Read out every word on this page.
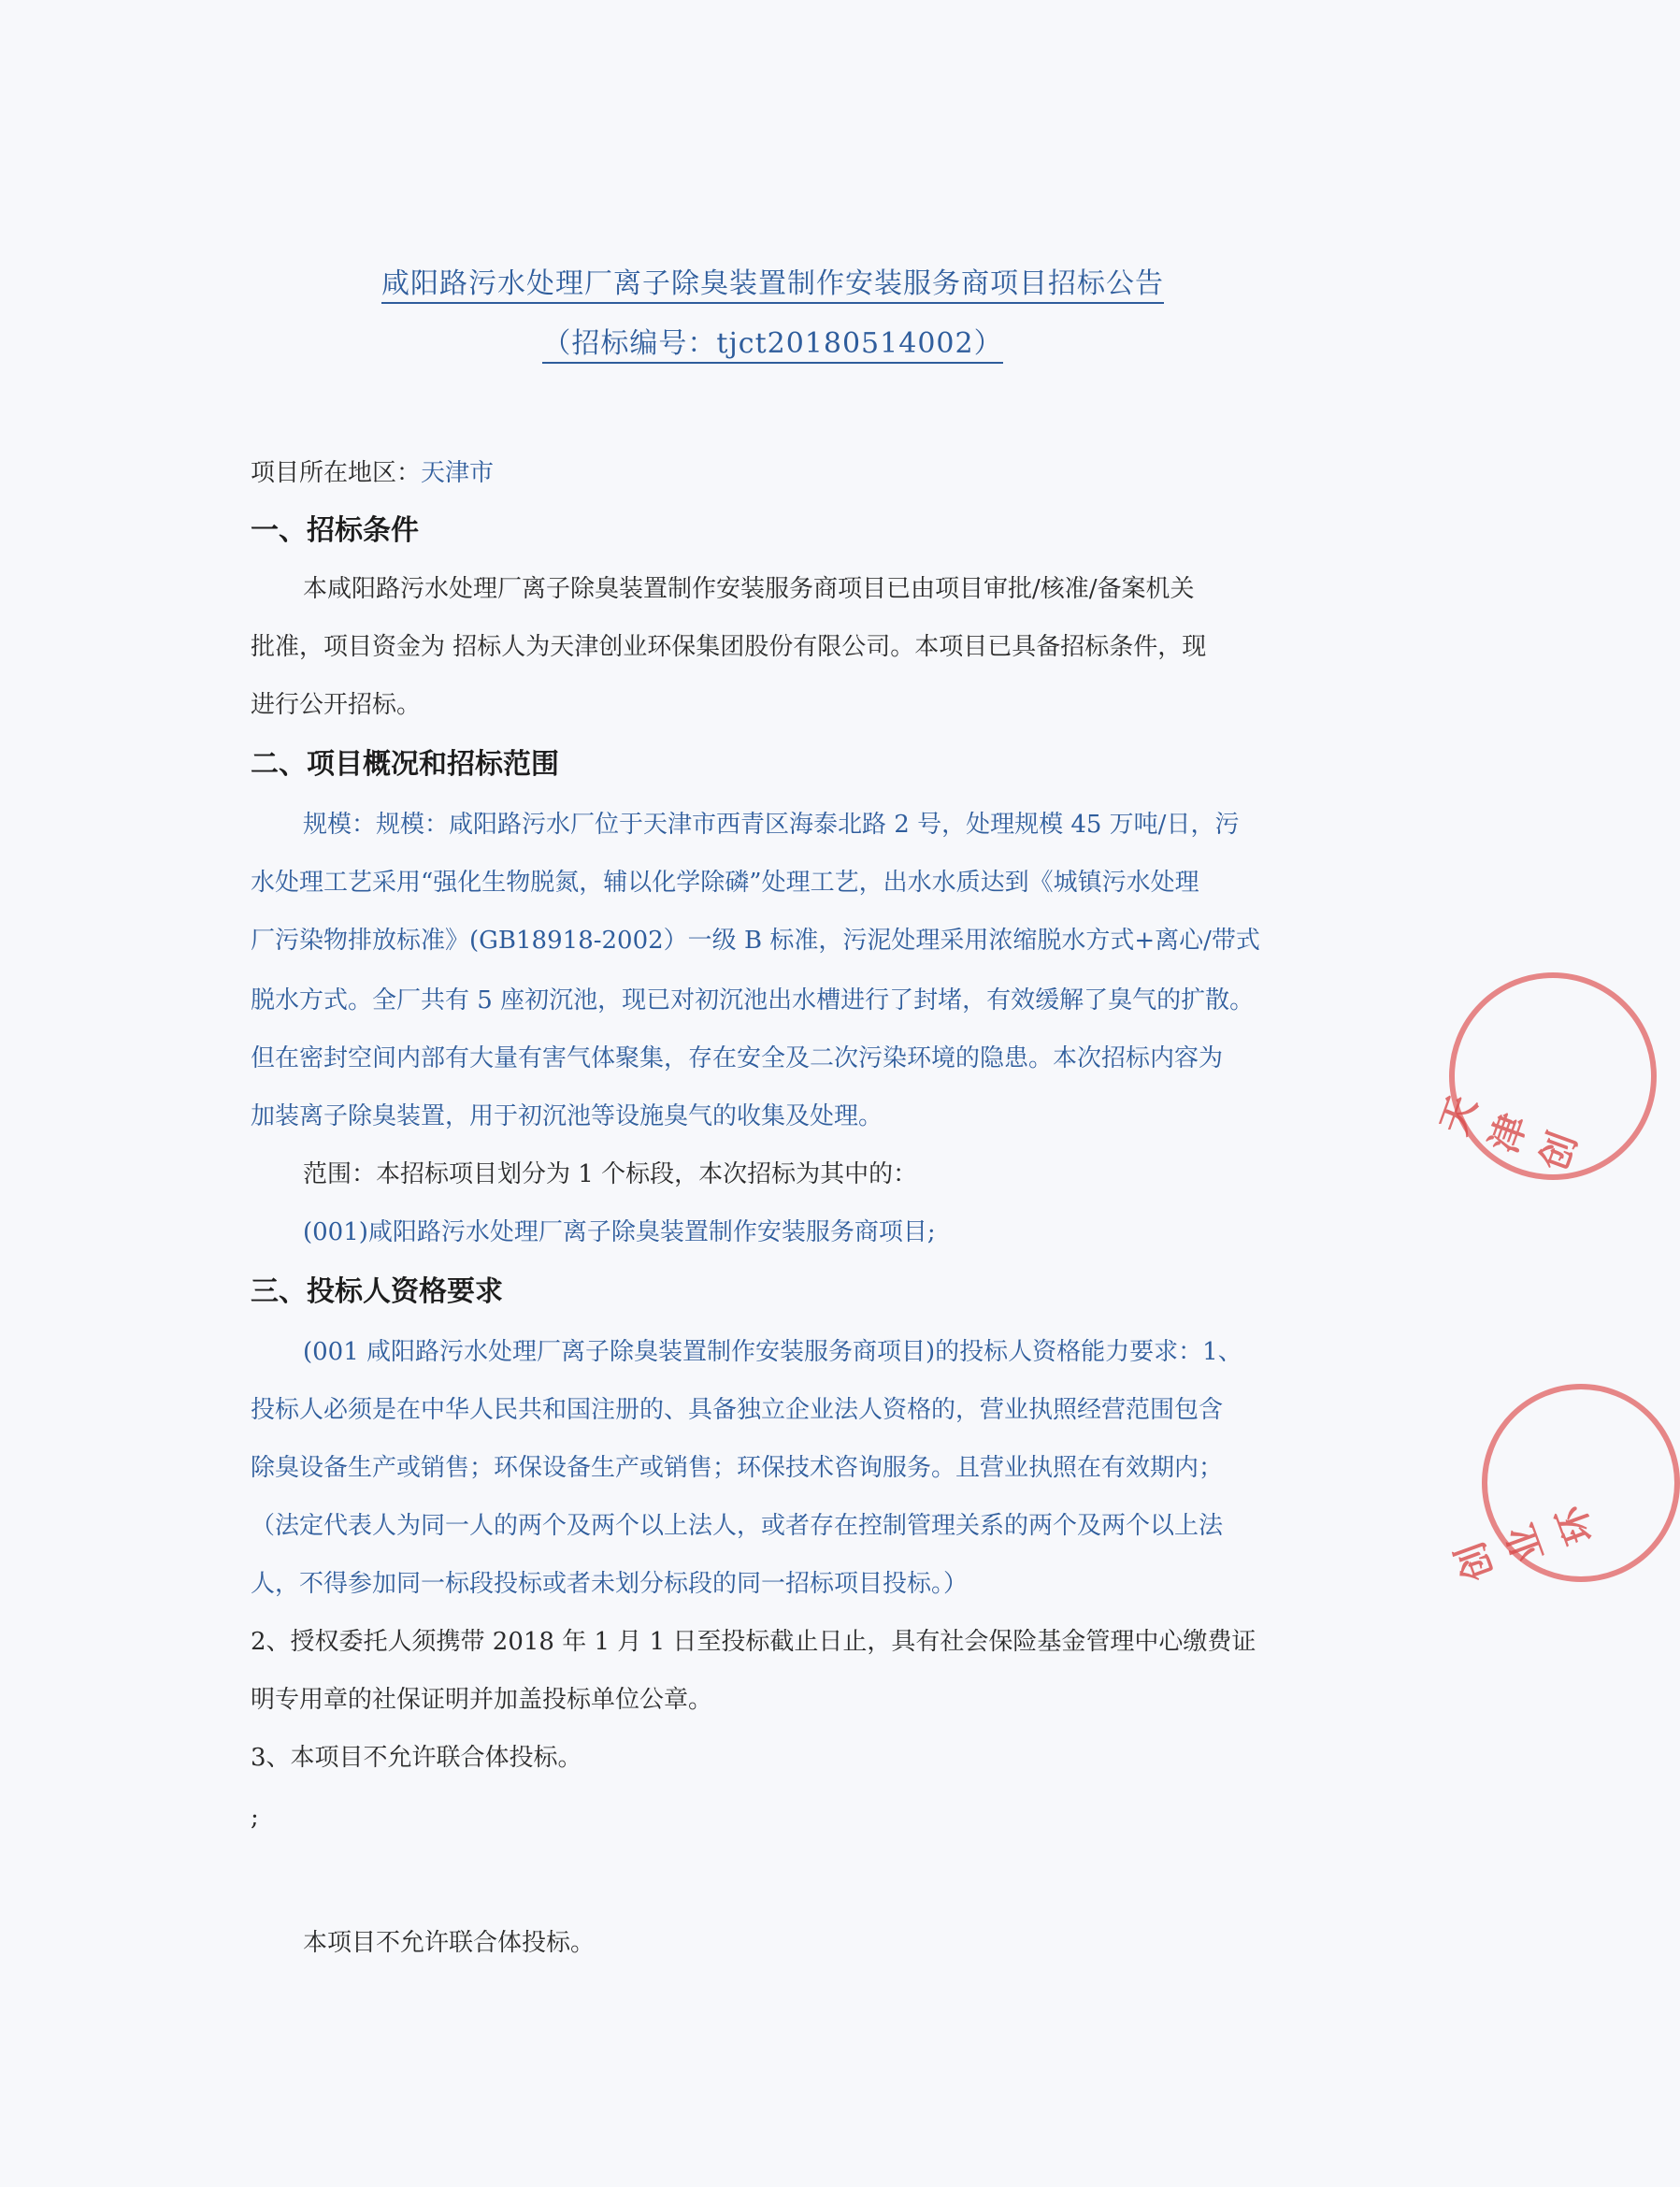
咸阳路污水处理厂离子除臭装置制作安装服务商项目招标公告
（招标编号：tjct20180514002）
项目所在地区：天津市
一、招标条件
本咸阳路污水处理厂离子除臭装置制作安装服务商项目已由项目审批/核准/备案机关
批准，项目资金为 招标人为天津创业环保集团股份有限公司。本项目已具备招标条件，现
进行公开招标。
二、项目概况和招标范围
规模：规模：咸阳路污水厂位于天津市西青区海泰北路 2 号，处理规模 45 万吨/日，污
水处理工艺采用“强化生物脱氮，辅以化学除磷”处理工艺，出水水质达到《城镇污水处理
厂污染物排放标准》(GB18918-2002）一级 B 标准，污泥处理采用浓缩脱水方式+离心/带式
脱水方式。全厂共有 5 座初沉池，现已对初沉池出水槽进行了封堵，有效缓解了臭气的扩散。
但在密封空间内部有大量有害气体聚集，存在安全及二次污染环境的隐患。本次招标内容为
加装离子除臭装置，用于初沉池等设施臭气的收集及处理。
范围：本招标项目划分为 1 个标段，本次招标为其中的：
(001)咸阳路污水处理厂离子除臭装置制作安装服务商项目;
三、投标人资格要求
(001 咸阳路污水处理厂离子除臭装置制作安装服务商项目)的投标人资格能力要求：1、
投标人必须是在中华人民共和国注册的、具备独立企业法人资格的，营业执照经营范围包含
除臭设备生产或销售；环保设备生产或销售；环保技术咨询服务。且营业执照在有效期内；
（法定代表人为同一人的两个及两个以上法人，或者存在控制管理关系的两个及两个以上法
人，不得参加同一标段投标或者未划分标段的同一招标项目投标。）
2、授权委托人须携带 2018 年 1 月 1 日至投标截止日止，具有社会保险基金管理中心缴费证
明专用章的社保证明并加盖投标单位公章。
3、本项目不允许联合体投标。
;
本项目不允许联合体投标。
天津创
创业环
